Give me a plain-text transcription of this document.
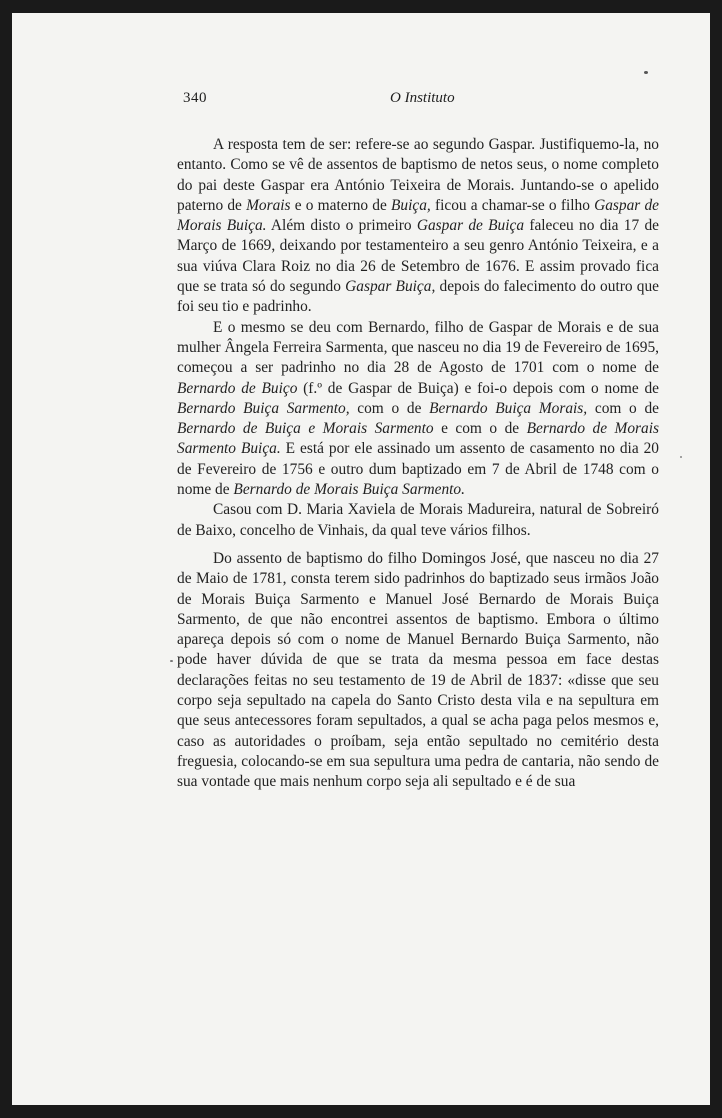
340	O Instituto

A resposta tem de ser: refere-se ao segundo Gaspar. Justifiquemo-la, no entanto. Como se vê de assentos de baptismo de netos seus, o nome completo do pai deste Gaspar era António Teixeira de Morais. Juntando-se o apelido paterno de Morais e o materno de Buiça, ficou a chamar-se o filho Gaspar de Morais Buiça. Além disto o primeiro Gaspar de Buiça faleceu no dia 17 de Março de 1669, deixando por testamenteiro a seu genro António Teixeira, e a sua viúva Clara Roiz no dia 26 de Setembro de 1676. E assim provado fica que se trata só do segundo Gaspar Buiça, depois do falecimento do outro que foi seu tio e padrinho.

E o mesmo se deu com Bernardo, filho de Gaspar de Morais e de sua mulher Ângela Ferreira Sarmenta, que nasceu no dia 19 de Fevereiro de 1695, começou a ser padrinho no dia 28 de Agosto de 1701 com o nome de Bernardo de Buiço (f.º de Gaspar de Buiça) e foi-o depois com o nome de Bernardo Buiça Sarmento, com o de Bernardo Buiça Morais, com o de Bernardo de Buiça e Morais Sarmento e com o de Bernardo de Morais Sarmento Buiça. E está por ele assinado um assento de casamento no dia 20 de Fevereiro de 1756 e outro dum baptizado em 7 de Abril de 1748 com o nome de Bernardo de Morais Buiça Sarmento.

Casou com D. Maria Xaviela de Morais Madureira, natural de Sobreiró de Baixo, concelho de Vinhais, da qual teve vários filhos.

Do assento de baptismo do filho Domingos José, que nasceu no dia 27 de Maio de 1781, consta terem sido padrinhos do baptizado seus irmãos João de Morais Buiça Sarmento e Manuel José Bernardo de Morais Buiça Sarmento, de que não encontrei assentos de baptismo. Embora o último apareça depois só com o nome de Manuel Bernardo Buiça Sarmento, não pode haver dúvida de que se trata da mesma pessoa em face destas declarações feitas no seu testamento de 19 de Abril de 1837: «disse que seu corpo seja sepultado na capela do Santo Cristo desta vila e na sepultura em que seus antecessores foram sepultados, a qual se acha paga pelos mesmos e, caso as autoridades o proíbam, seja então sepultado no cemitério desta freguesia, colocando-se em sua sepultura uma pedra de cantaria, não sendo de sua vontade que mais nenhum corpo seja ali sepultado e é de sua
